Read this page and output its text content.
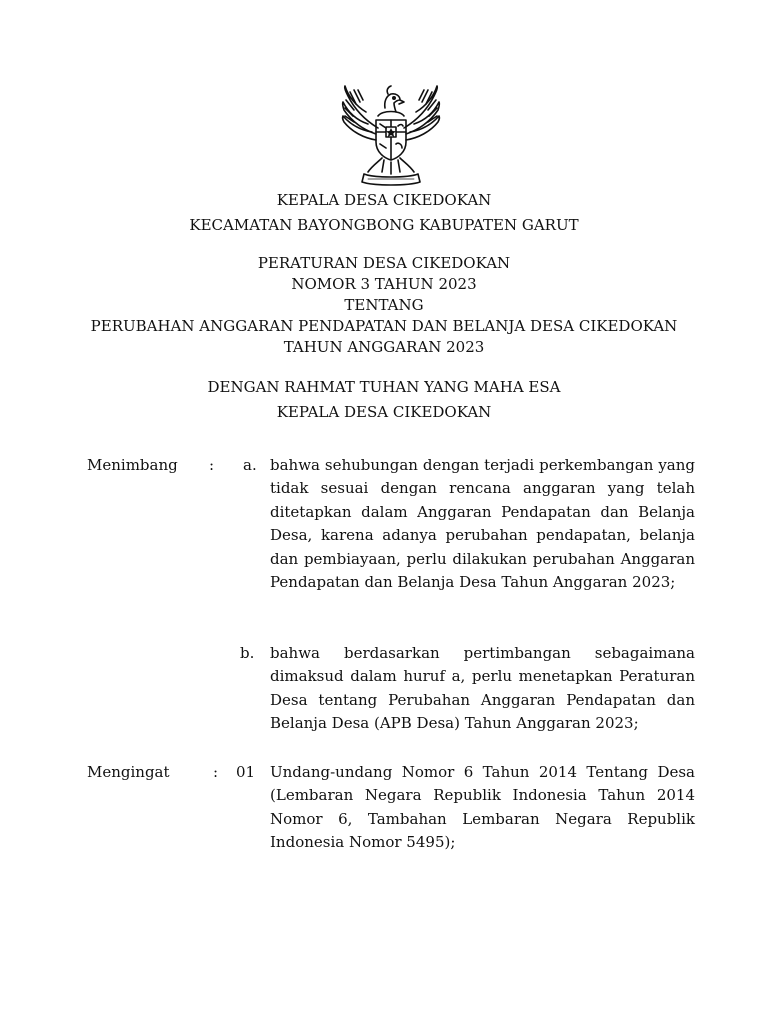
KEPALA DESA CIKEDOKAN
KECAMATAN BAYONGBONG KABUPATEN GARUT
PERATURAN DESA CIKEDOKAN
NOMOR 3 TAHUN 2023
TENTANG
PERUBAHAN ANGGARAN PENDAPATAN DAN BELANJA DESA CIKEDOKAN
TAHUN ANGGARAN 2023
DENGAN RAHMAT TUHAN YANG MAHA ESA
KEPALA DESA CIKEDOKAN
Menimbang : a. bahwa sehubungan dengan terjadi perkembangan yang tidak sesuai dengan rencana anggaran yang telah ditetapkan dalam Anggaran Pendapatan dan Belanja Desa, karena adanya perubahan pendapatan, belanja dan pembiayaan, perlu dilakukan perubahan Anggaran Pendapatan dan Belanja Desa Tahun Anggaran 2023;
b. bahwa berdasarkan pertimbangan sebagaimana dimaksud dalam huruf a, perlu menetapkan Peraturan Desa tentang Perubahan Anggaran Pendapatan dan Belanja Desa (APB Desa) Tahun Anggaran 2023;
Mengingat	: 01 Undang-undang Nomor 6 Tahun 2014 Tentang Desa (Lembaran Negara Republik Indonesia Tahun 2014 Nomor 6, Tambahan Lembaran Negara Republik Indonesia Nomor 5495);
